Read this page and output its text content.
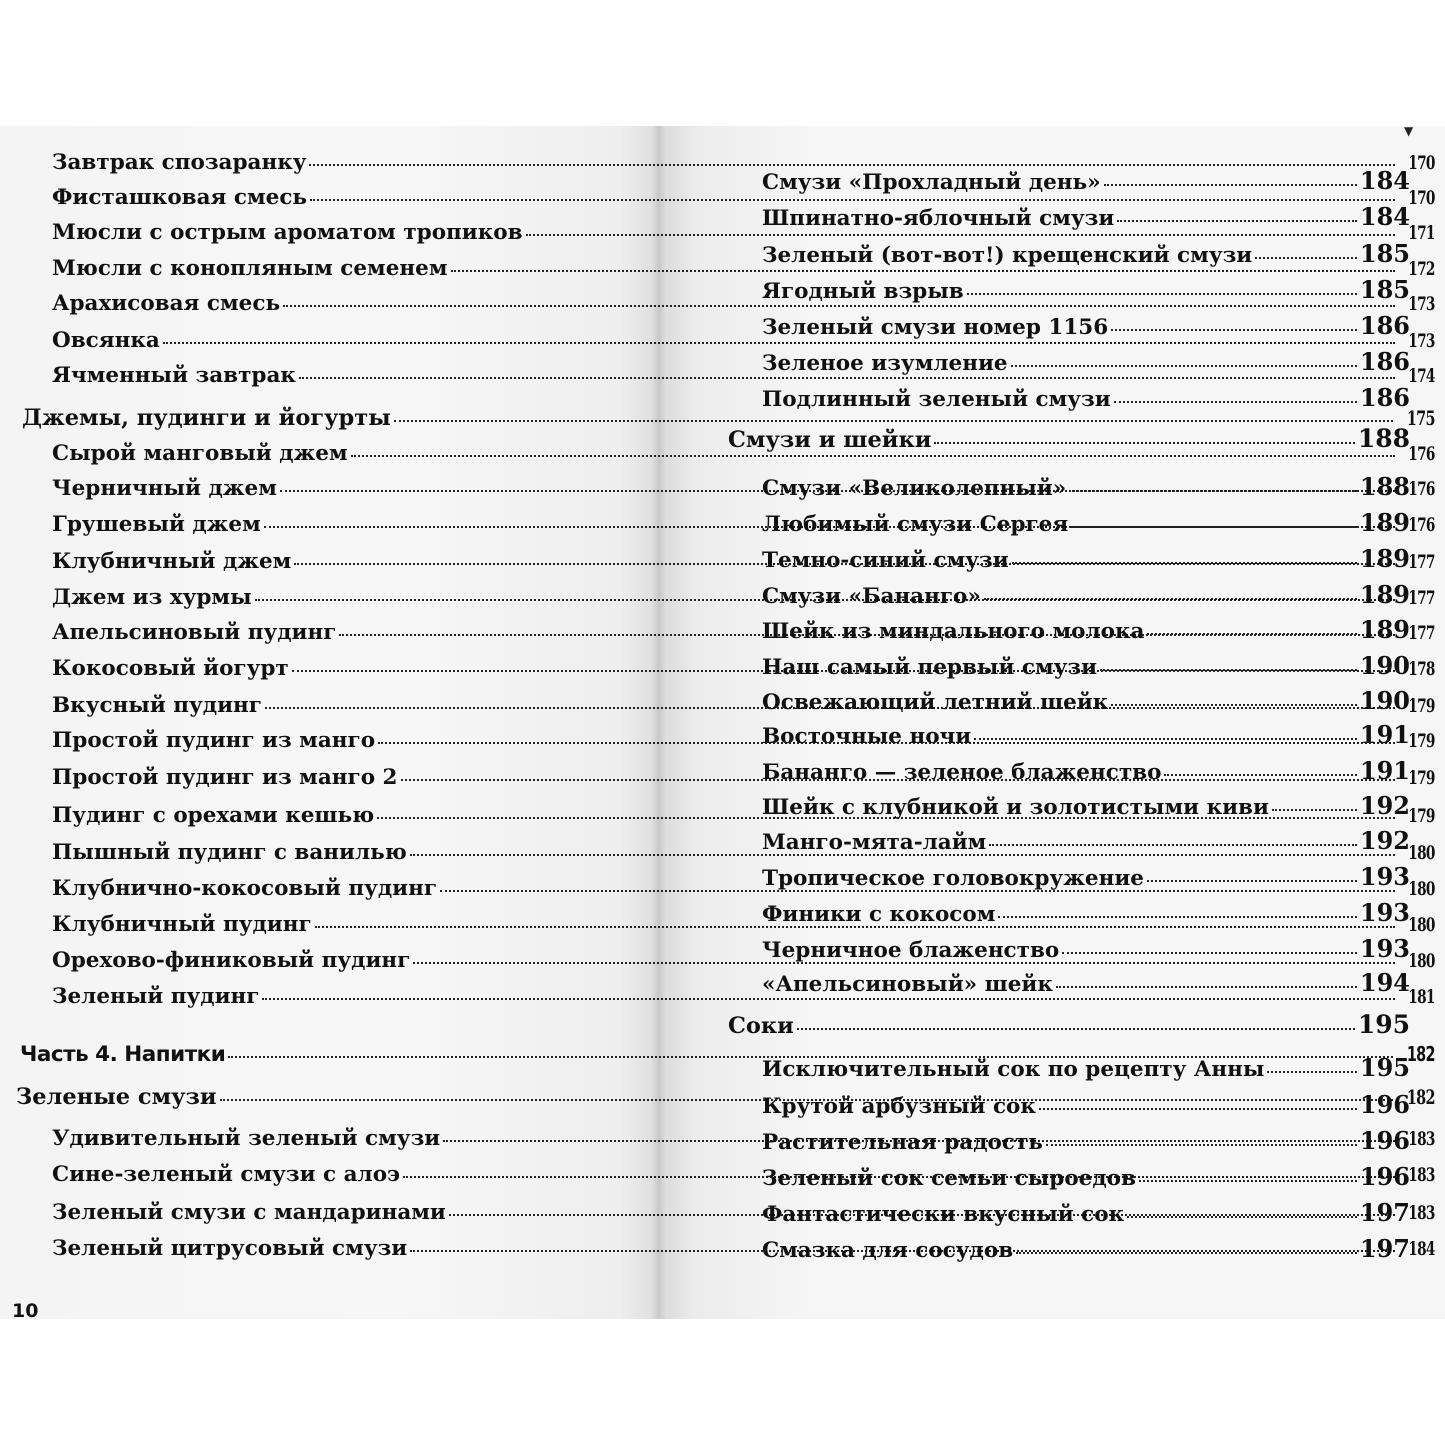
▼
Завтрак спозаранку	170
Фисташковая смесь	170
Мюсли с острым ароматом тропиков	171
Мюсли с конопляным семенем	172
Арахисовая смесь	173
Овсянка	173
Ячменный завтрак	174
Джемы, пудинги и йогурты	175
Сырой манговый джем	176
Черничный джем	176
Грушевый джем	176
Клубничный джем	177
Джем из хурмы	177
Апельсиновый пудинг	177
Кокосовый йогурт	178
Вкусный пудинг	179
Простой пудинг из манго	179
Простой пудинг из манго 2	179
Пудинг с орехами кешью	179
Пышный пудинг с ванилью	180
Клубнично-кокосовый пудинг	180
Клубничный пудинг	180
Орехово-финиковый пудинг	180
Зеленый пудинг	181
Часть 4. Напитки	182
Зеленые смузи	182
Удивительный зеленый смузи	183
Сине-зеленый смузи с алоэ	183
Зеленый смузи с мандаринами	183
Зеленый цитрусовый смузи	184
Смузи «Прохладный день»	184
Шпинатно-яблочный смузи	184
Зеленый (вот-вот!) крещенский смузи	185
Ягодный взрыв	185
Зеленый смузи номер 1156	186
Зеленое изумление	186
Подлинный зеленый смузи	186
Смузи и шейки	188
Смузи «Великолепный»	188
Любимый смузи Сергея	189
Темно-синий смузи	189
Смузи «Бананго»	189
Шейк из миндального молока	189
Наш самый первый смузи	190
Освежающий летний шейк	190
Восточные ночи	191
Бананго — зеленое блаженство	191
Шейк с клубникой и золотистыми киви	192
Манго-мята-лайм	192
Тропическое головокружение	193
Финики с кокосом	193
Черничное блаженство	193
«Апельсиновый» шейк	194
Соки	195
Исключительный сок по рецепту Анны	195
Крутой арбузный сок	196
Растительная радость	196
Зеленый сок семьи сыроедов	196
Фантастически вкусный сок	197
Смазка для сосудов	197
10
